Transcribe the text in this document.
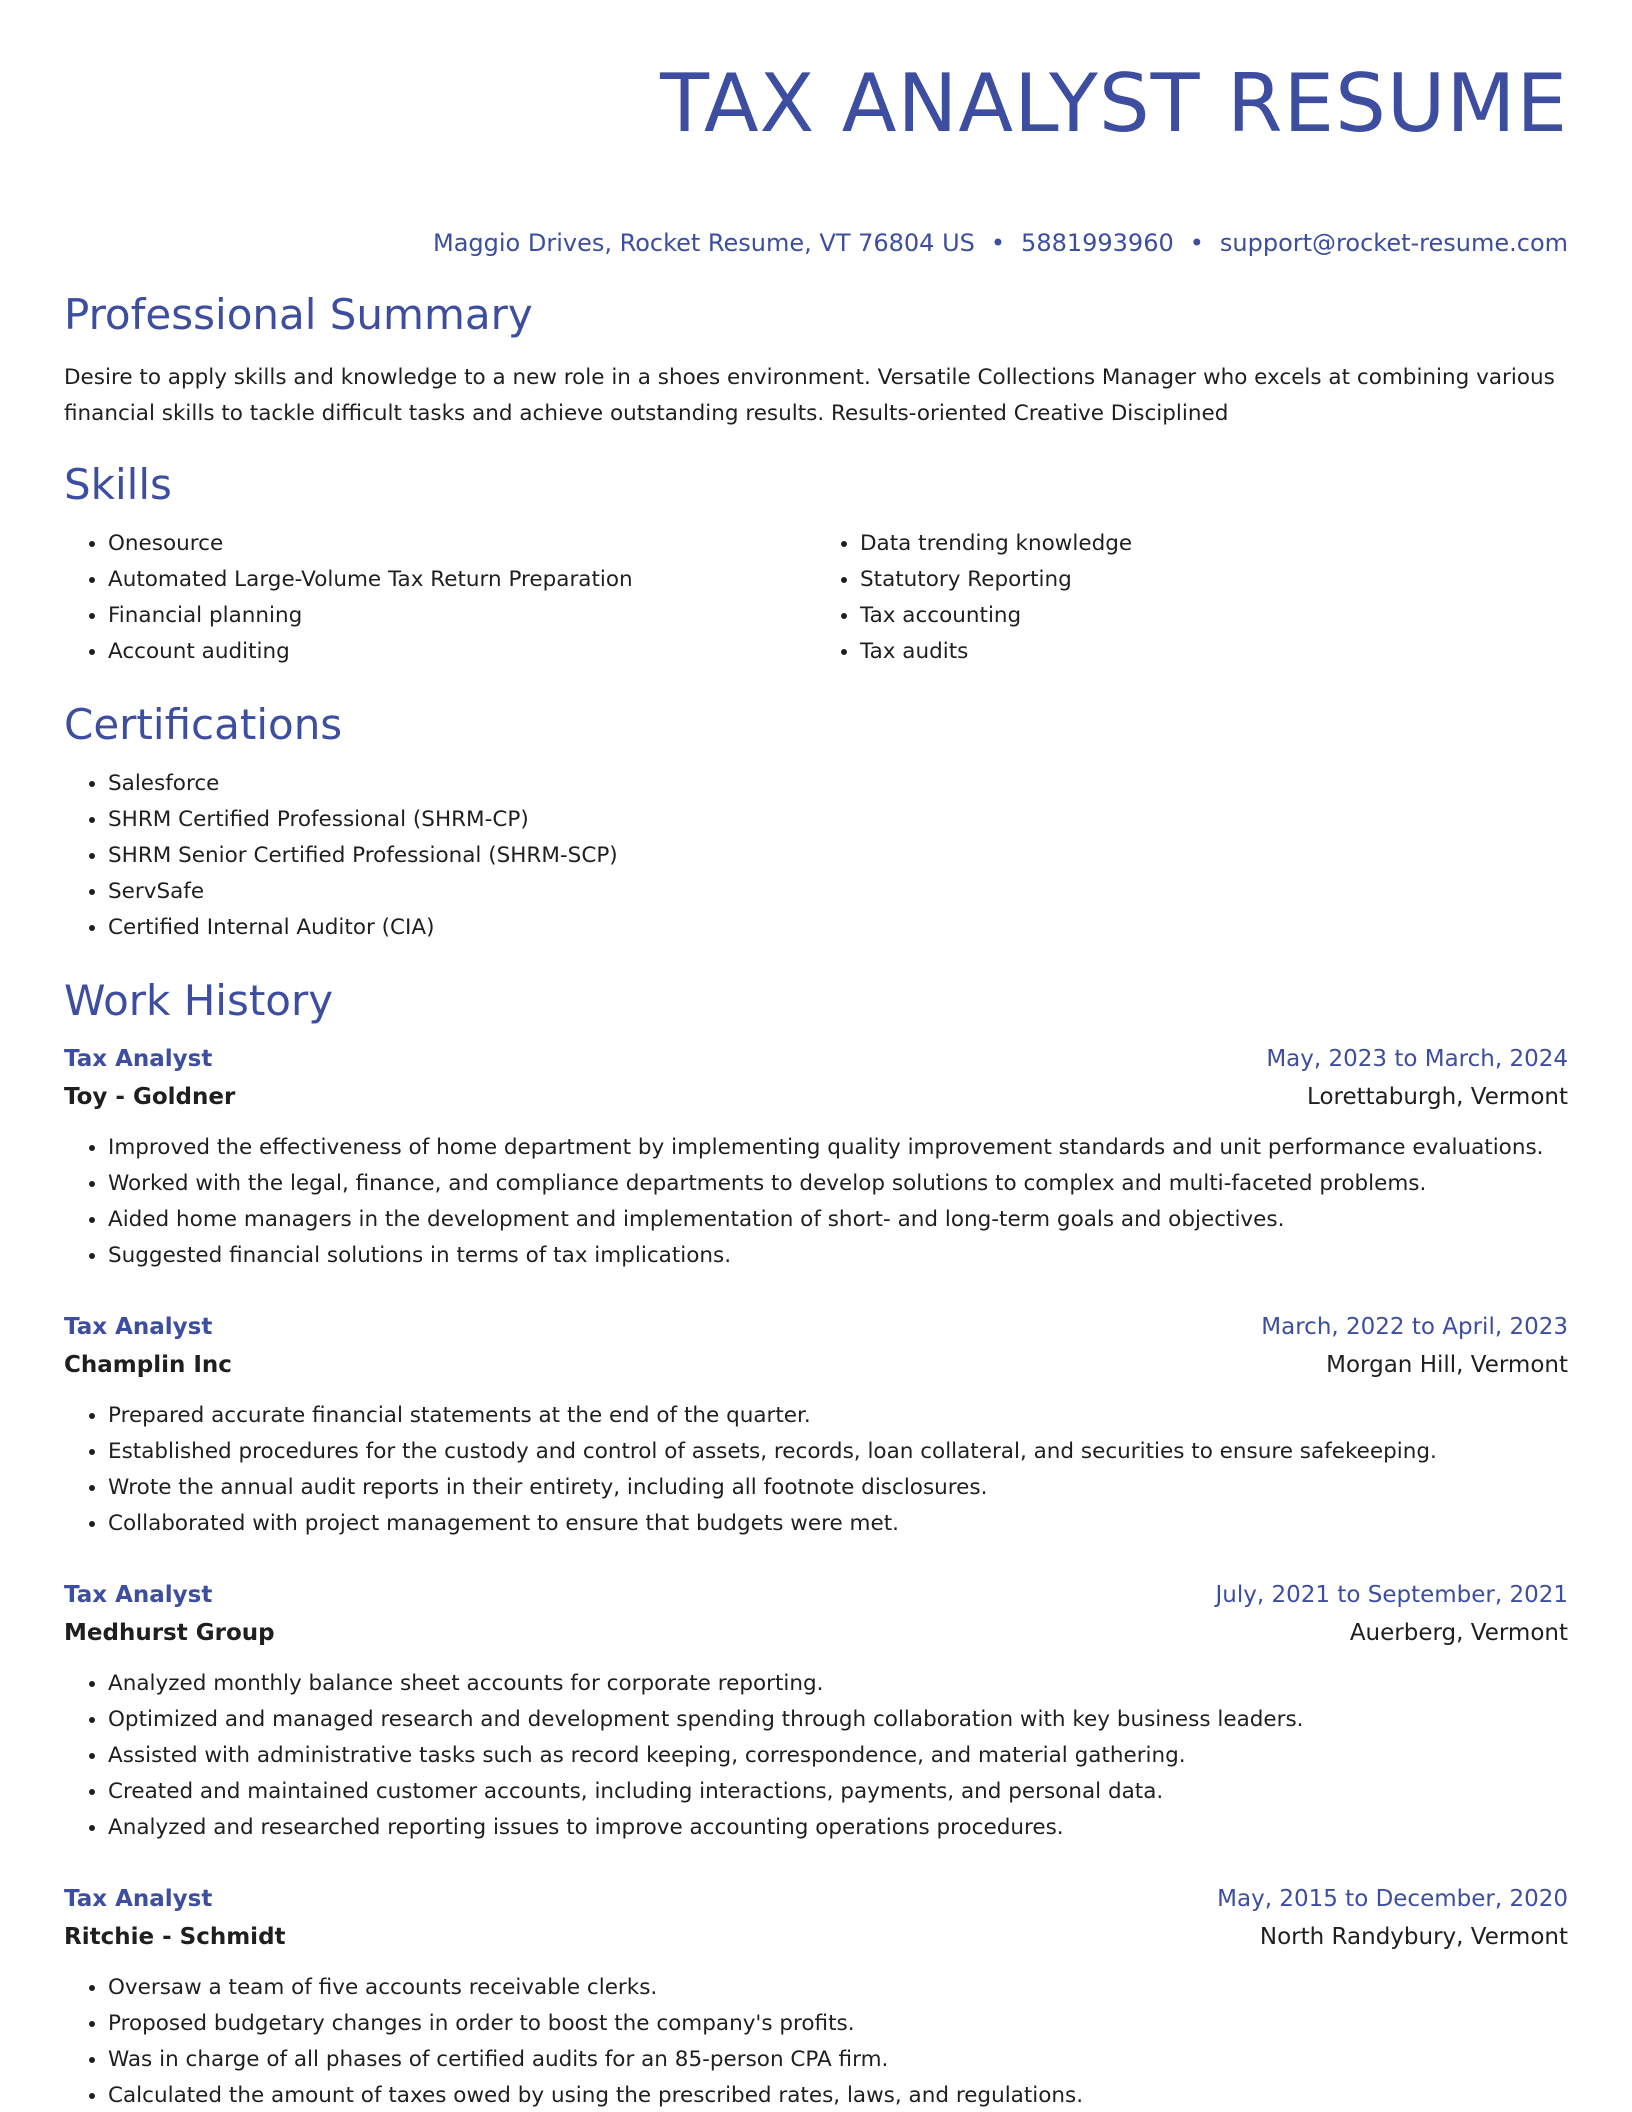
TAX ANALYST RESUME
Maggio Drives, Rocket Resume, VT 76804 US • 5881993960 • support@rocket-resume.com
Professional Summary

Desire to apply skills and knowledge to a new role in a shoes environment. Versatile Collections Manager who excels at combining various financial skills to tackle difficult tasks and achieve outstanding results. Results-oriented Creative Disciplined

Skills
• Onesource
• Automated Large-Volume Tax Return Preparation
• Financial planning
• Account auditing
• Data trending knowledge
• Statutory Reporting
• Tax accounting
• Tax audits
Certifications
• Salesforce
• SHRM Certified Professional (SHRM-CP)
• SHRM Senior Certified Professional (SHRM-SCP)
• ServSafe
• Certified Internal Auditor (CIA)
Work History
Tax Analyst	May, 2023 to March, 2024
Toy - Goldner	Lorettaburgh, Vermont
• Improved the effectiveness of home department by implementing quality improvement standards and unit performance evaluations.
• Worked with the legal, finance, and compliance departments to develop solutions to complex and multi-faceted problems.
• Aided home managers in the development and implementation of short- and long-term goals and objectives.
• Suggested financial solutions in terms of tax implications.
Tax Analyst	March, 2022 to April, 2023
Champlin Inc	Morgan Hill, Vermont
• Prepared accurate financial statements at the end of the quarter.
• Established procedures for the custody and control of assets, records, loan collateral, and securities to ensure safekeeping.
• Wrote the annual audit reports in their entirety, including all footnote disclosures.
• Collaborated with project management to ensure that budgets were met.
Tax Analyst	July, 2021 to September, 2021
Medhurst Group	Auerberg, Vermont
• Analyzed monthly balance sheet accounts for corporate reporting.
• Optimized and managed research and development spending through collaboration with key business leaders.
• Assisted with administrative tasks such as record keeping, correspondence, and material gathering.
• Created and maintained customer accounts, including interactions, payments, and personal data.
• Analyzed and researched reporting issues to improve accounting operations procedures.
Tax Analyst	May, 2015 to December, 2020
Ritchie - Schmidt	North Randybury, Vermont
• Oversaw a team of five accounts receivable clerks.
• Proposed budgetary changes in order to boost the company's profits.
• Was in charge of all phases of certified audits for an 85-person CPA firm.
• Calculated the amount of taxes owed by using the prescribed rates, laws, and regulations.
